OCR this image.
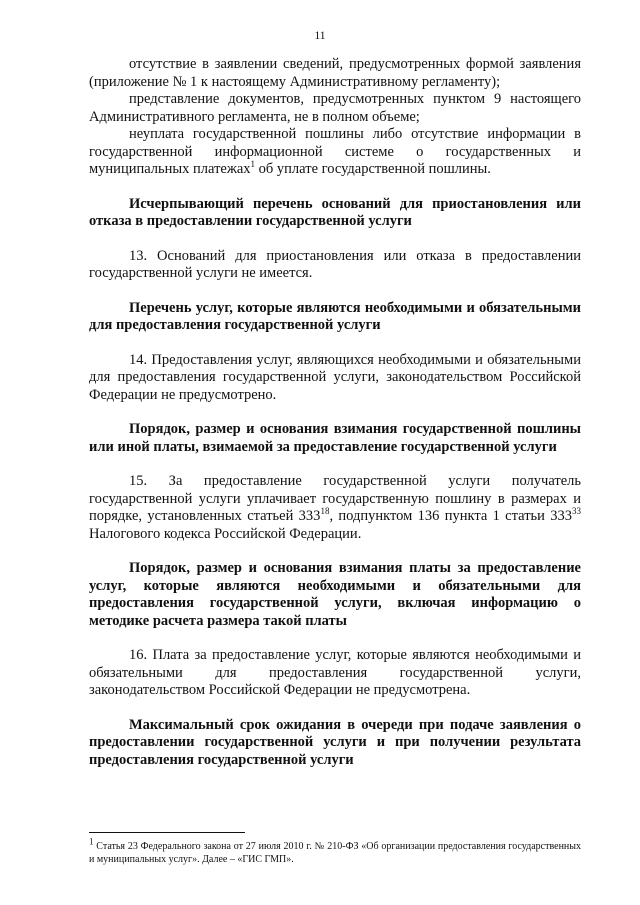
11

отсутствие в заявлении сведений, предусмотренных формой заявления (приложение № 1 к настоящему Административному регламенту);

представление документов, предусмотренных пунктом 9 настоящего Административного регламента, не в полном объеме;

неуплата государственной пошлины либо отсутствие информации в государственной информационной системе о государственных и муниципальных платежах$^1$ об уплате государственной пошлины.

Исчерпывающий перечень оснований для приостановления или отказа в предоставлении государственной услуги

13. Оснований для приостановления или отказа в предоставлении государственной услуги не имеется.

Перечень услуг, которые являются необходимыми и обязательными для предоставления государственной услуги

14. Предоставления услуг, являющихся необходимыми и обязательными для предоставления государственной услуги, законодательством Российской Федерации не предусмотрено.

Порядок, размер и основания взимания государственной пошлины или иной платы, взимаемой за предоставление государственной услуги

15. За предоставление государственной услуги получатель государственной услуги уплачивает государственную пошлину в размерах и порядке, установленных статьей $333^{18}$, подпунктом 136 пункта 1 статьи $333^{33}$ Налогового кодекса Российской Федерации.

Порядок, размер и основания взимания платы за предоставление услуг, которые являются необходимыми и обязательными для предоставления государственной услуги, включая информацию о методике расчета размера такой платы

16. Плата за предоставление услуг, которые являются необходимыми и обязательными для предоставления государственной услуги, законодательством Российской Федерации не предусмотрена.

Максимальный срок ожидания в очереди при подаче заявления о предоставлении государственной услуги и при получении результата предоставления государственной услуги
$^1$ Статья 23 Федерального закона от 27 июля 2010 г. № 210-ФЗ «Об организации предоставления государственных и муниципальных услуг». Далее – «ГИС ГМП».
